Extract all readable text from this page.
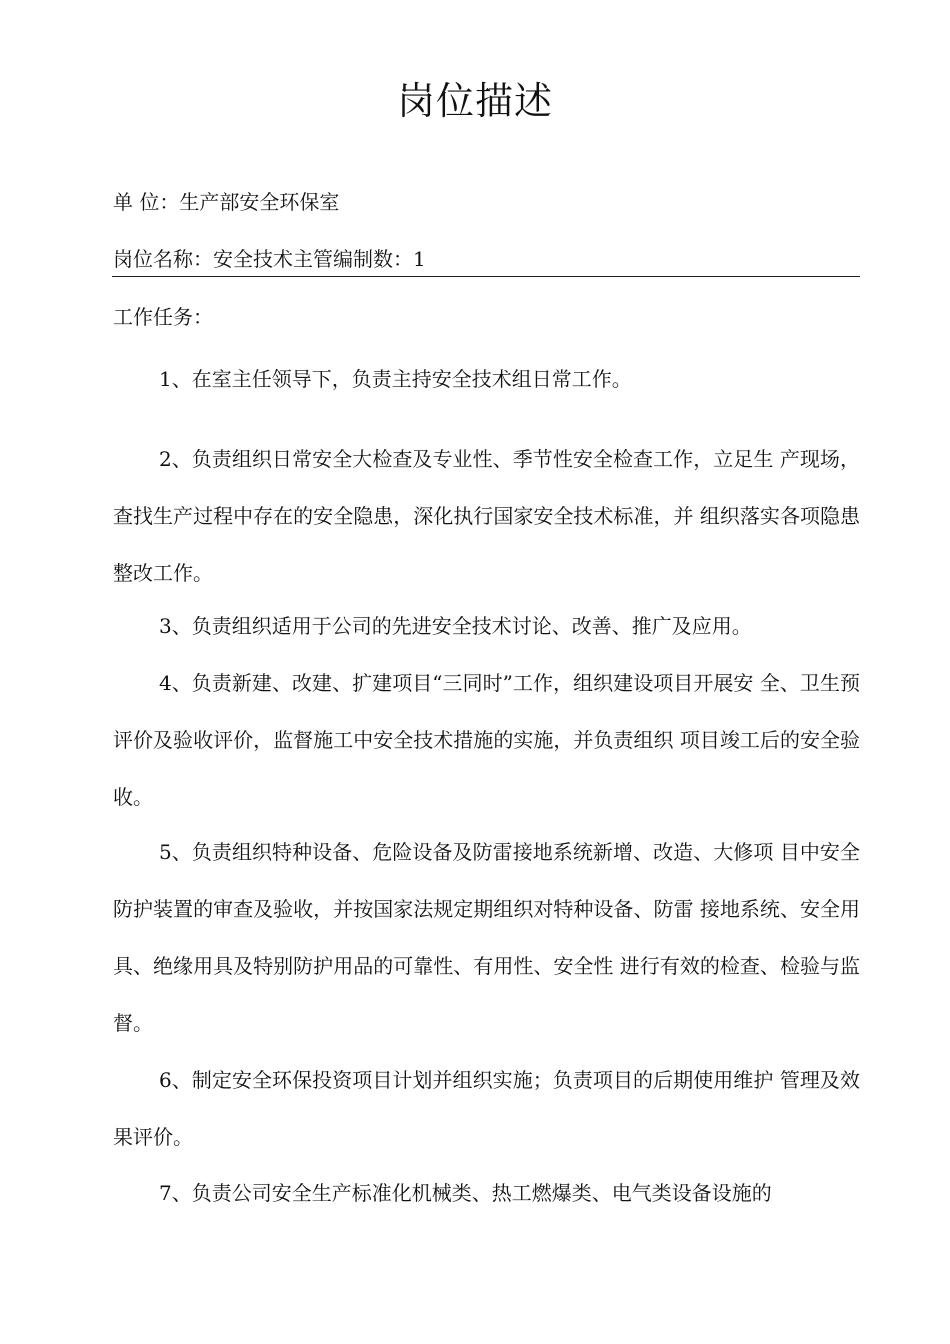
岗位描述
单 位：生产部安全环保室
岗位名称：安全技术主管编制数：1
工作任务：
1、在室主任领导下，负责主持安全技术组日常工作。
2、负责组织日常安全大检查及专业性、季节性安全检查工作，立足生 产现场，查找生产过程中存在的安全隐患，深化执行国家安全技术标准，并 组织落实各项隐患整改工作。
3、负责组织适用于公司的先进安全技术讨论、改善、推广及应用。
4、负责新建、改建、扩建项目“三同时”工作，组织建设项目开展安 全、卫生预评价及验收评价，监督施工中安全技术措施的实施，并负责组织 项目竣工后的安全验收。
5、负责组织特种设备、危险设备及防雷接地系统新增、改造、大修项 目中安全防护装置的审查及验收，并按国家法规定期组织对特种设备、防雷 接地系统、安全用具、绝缘用具及特别防护用品的可靠性、有用性、安全性 进行有效的检查、检验与监督。
6、制定安全环保投资项目计划并组织实施；负责项目的后期使用维护 管理及效果评价。
7、负责公司安全生产标准化机械类、热工燃爆类、电气类设备设施的
